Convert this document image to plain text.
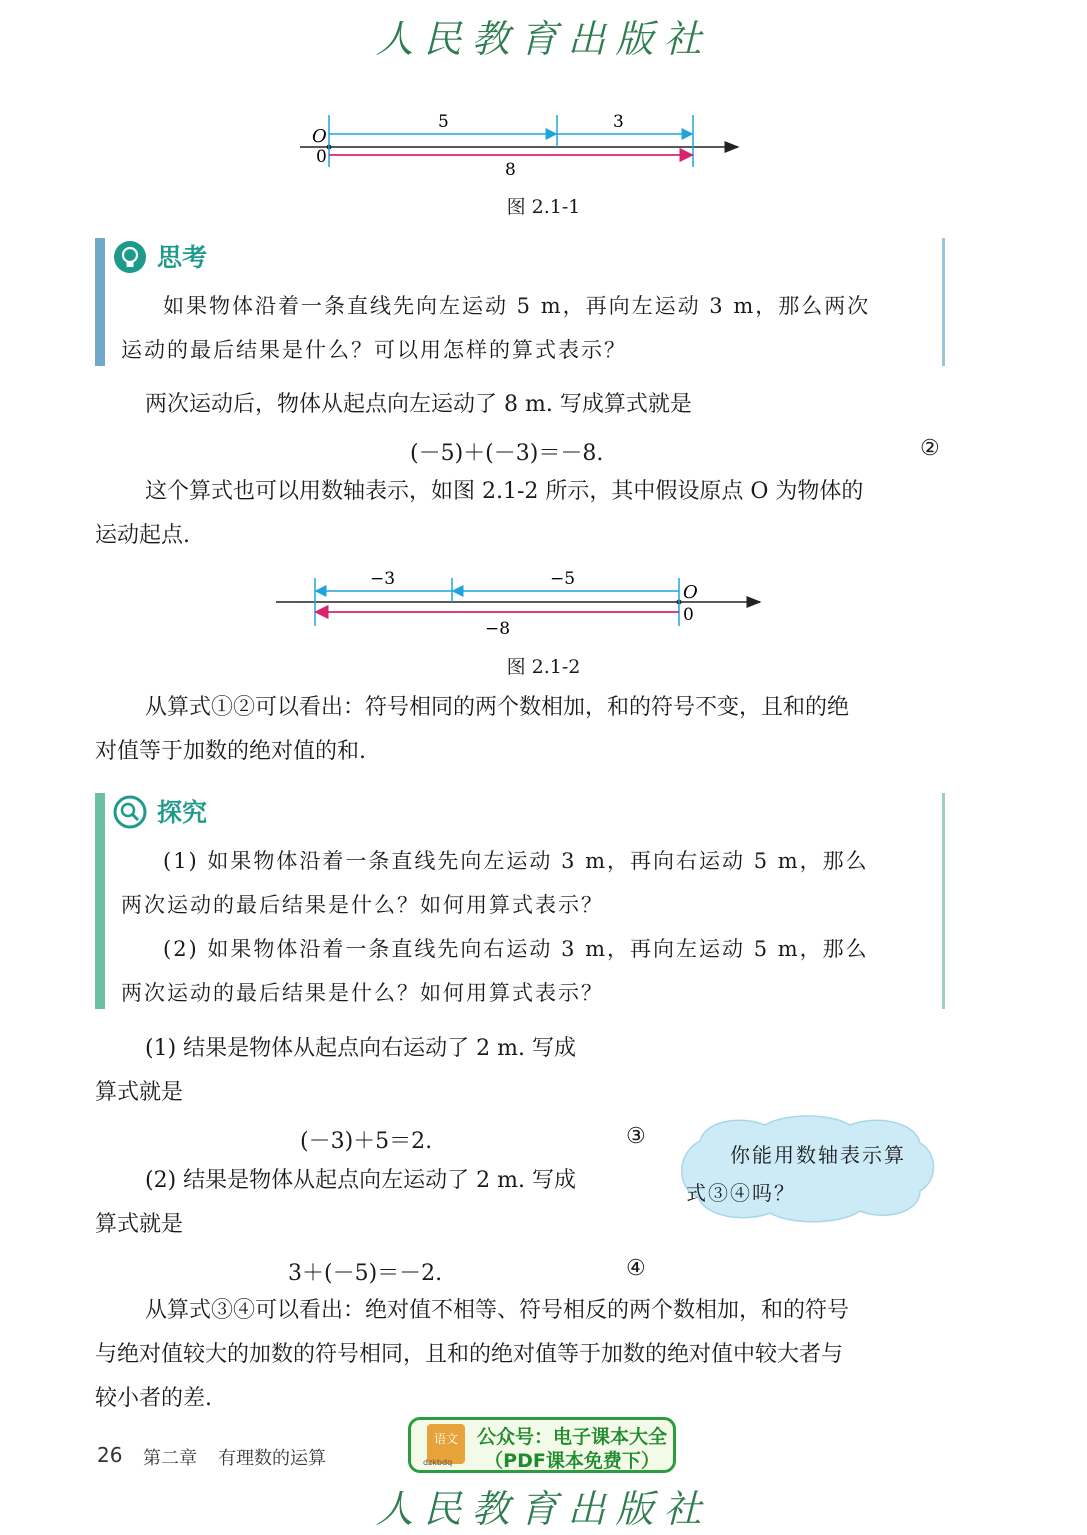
人民教育出版社
O
0
5	3
8
图 2.1-1
思考
如果物体沿着一条直线先向左运动 5 m，再向左运动 3 m，那么两次
运动的最后结果是什么？可以用怎样的算式表示？
两次运动后，物体从起点向左运动了 8 m. 写成算式就是
(－5)＋(－3)＝－8.	②
这个算式也可以用数轴表示，如图 2.1-2 所示，其中假设原点 O 为物体的
运动起点.
−3	−5
O
0
−8
图 2.1-2
从算式①②可以看出：符号相同的两个数相加，和的符号不变，且和的绝
对值等于加数的绝对值的和.
探究
(1) 如果物体沿着一条直线先向左运动 3 m，再向右运动 5 m，那么
两次运动的最后结果是什么？如何用算式表示？
(2) 如果物体沿着一条直线先向右运动 3 m，再向左运动 5 m，那么
两次运动的最后结果是什么？如何用算式表示？
(1) 结果是物体从起点向右运动了 2 m. 写成
算式就是
(－3)＋5＝2.	③
(2) 结果是物体从起点向左运动了 2 m. 写成
算式就是
3＋(－5)＝－2.	④
你能用数轴表示算
式③④吗？
从算式③④可以看出：绝对值不相等、符号相反的两个数相加，和的符号
与绝对值较大的加数的符号相同，且和的绝对值等于加数的绝对值中较大者与
较小者的差.
26 第二章 有理数的运算
语文
dzkbdq
公众号：电子课本大全
（PDF课本免费下）
人民教育出版社
